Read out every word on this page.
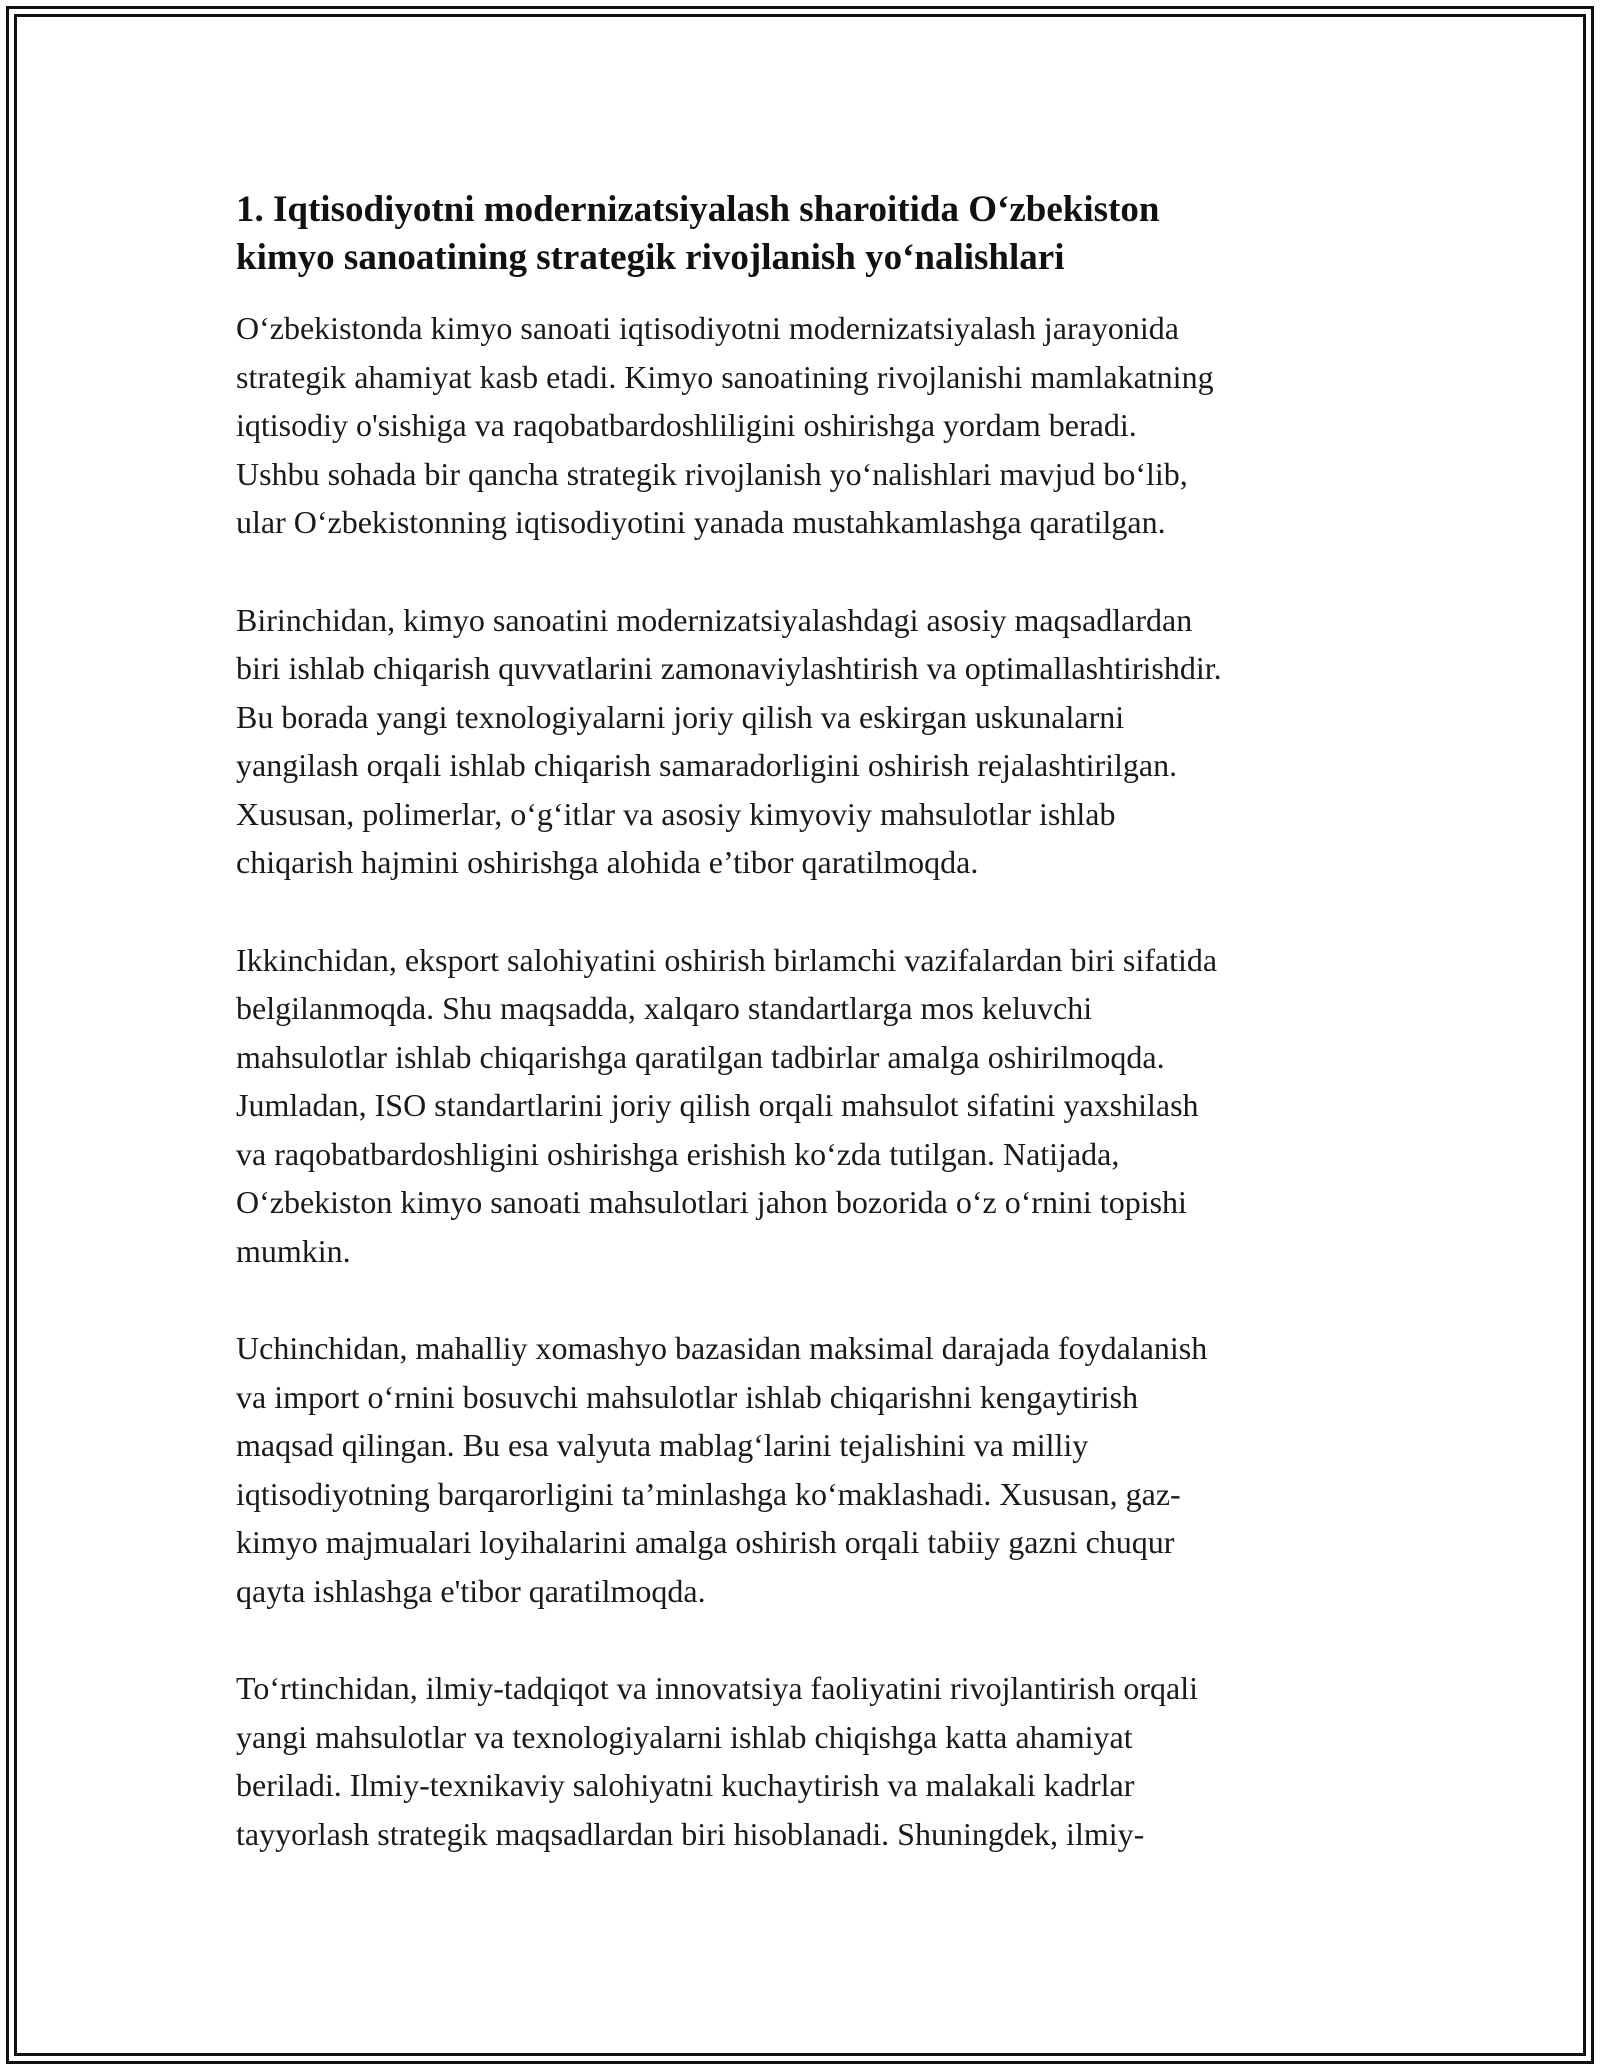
1. Iqtisodiyotni modernizatsiyalash sharoitida O‘zbekiston
kimyo sanoatining strategik rivojlanish yo‘nalishlari

O‘zbekistonda kimyo sanoati iqtisodiyotni modernizatsiyalash jarayonida
strategik ahamiyat kasb etadi. Kimyo sanoatining rivojlanishi mamlakatning
iqtisodiy o'sishiga va raqobatbardoshliligini oshirishga yordam beradi.
Ushbu sohada bir qancha strategik rivojlanish yo‘nalishlari mavjud bo‘lib,
ular O‘zbekistonning iqtisodiyotini yanada mustahkamlashga qaratilgan.

Birinchidan, kimyo sanoatini modernizatsiyalashdagi asosiy maqsadlardan
biri ishlab chiqarish quvvatlarini zamonaviylashtirish va optimallashtirishdir.
Bu borada yangi texnologiyalarni joriy qilish va eskirgan uskunalarni
yangilash orqali ishlab chiqarish samaradorligini oshirish rejalashtirilgan.
Xususan, polimerlar, o‘g‘itlar va asosiy kimyoviy mahsulotlar ishlab
chiqarish hajmini oshirishga alohida e’tibor qaratilmoqda.

Ikkinchidan, eksport salohiyatini oshirish birlamchi vazifalardan biri sifatida
belgilanmoqda. Shu maqsadda, xalqaro standartlarga mos keluvchi
mahsulotlar ishlab chiqarishga qaratilgan tadbirlar amalga oshirilmoqda.
Jumladan, ISO standartlarini joriy qilish orqali mahsulot sifatini yaxshilash
va raqobatbardoshligini oshirishga erishish ko‘zda tutilgan. Natijada,
O‘zbekiston kimyo sanoati mahsulotlari jahon bozorida o‘z o‘rnini topishi
mumkin.

Uchinchidan, mahalliy xomashyo bazasidan maksimal darajada foydalanish
va import o‘rnini bosuvchi mahsulotlar ishlab chiqarishni kengaytirish
maqsad qilingan. Bu esa valyuta mablag‘larini tejalishini va milliy
iqtisodiyotning barqarorligini ta’minlashga ko‘maklashadi. Xususan, gaz-
kimyo majmualari loyihalarini amalga oshirish orqali tabiiy gazni chuqur
qayta ishlashga e'tibor qaratilmoqda.

To‘rtinchidan, ilmiy-tadqiqot va innovatsiya faoliyatini rivojlantirish orqali
yangi mahsulotlar va texnologiyalarni ishlab chiqishga katta ahamiyat
beriladi. Ilmiy-texnikaviy salohiyatni kuchaytirish va malakali kadrlar
tayyorlash strategik maqsadlardan biri hisoblanadi. Shuningdek, ilmiy-
